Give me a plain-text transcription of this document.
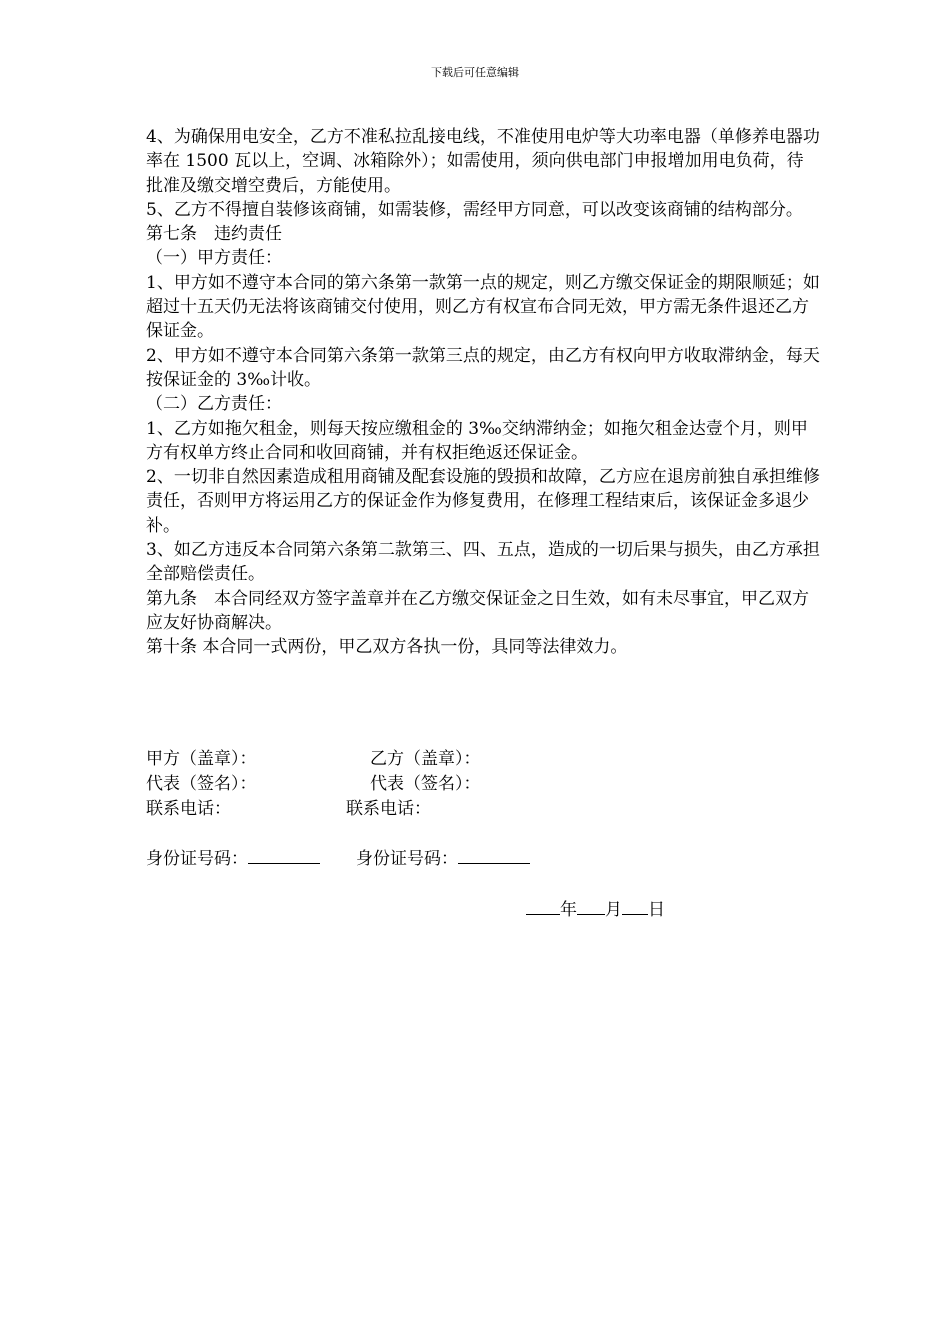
下载后可任意编辑

4、为确保用电安全，乙方不准私拉乱接电线，不准使用电炉等大功率电器（单修养电器功率在 1500 瓦以上，空调、冰箱除外）；如需使用，须向供电部门申报增加用电负荷，待批准及缴交增空费后，方能使用。

5、乙方不得擅自装修该商铺，如需装修，需经甲方同意，可以改变该商铺的结构部分。

第七条　违约责任

（一）甲方责任：

1、甲方如不遵守本合同的第六条第一款第一点的规定，则乙方缴交保证金的期限顺延；如超过十五天仍无法将该商铺交付使用，则乙方有权宣布合同无效，甲方需无条件退还乙方保证金。

2、甲方如不遵守本合同第六条第一款第三点的规定，由乙方有权向甲方收取滞纳金，每天按保证金的 3‰计收。

（二）乙方责任：

1、乙方如拖欠租金，则每天按应缴租金的 3‰交纳滞纳金；如拖欠租金达壹个月，则甲方有权单方终止合同和收回商铺，并有权拒绝返还保证金。

2、一切非自然因素造成租用商铺及配套设施的毁损和故障，乙方应在退房前独自承担维修责任，否则甲方将运用乙方的保证金作为修复费用，在修理工程结束后，该保证金多退少补。

3、如乙方违反本合同第六条第二款第三、四、五点，造成的一切后果与损失，由乙方承担全部赔偿责任。

第九条　本合同经双方签字盖章并在乙方缴交保证金之日生效，如有未尽事宜，甲乙双方应友好协商解决。

第十条 本合同一式两份，甲乙双方各执一份，具同等法律效力。

甲方（盖章）：	乙方（盖章）：
代表（签名）：	代表（签名）：
联系电话：	联系电话：
身份证号码：	身份证号码：
年 月 日
